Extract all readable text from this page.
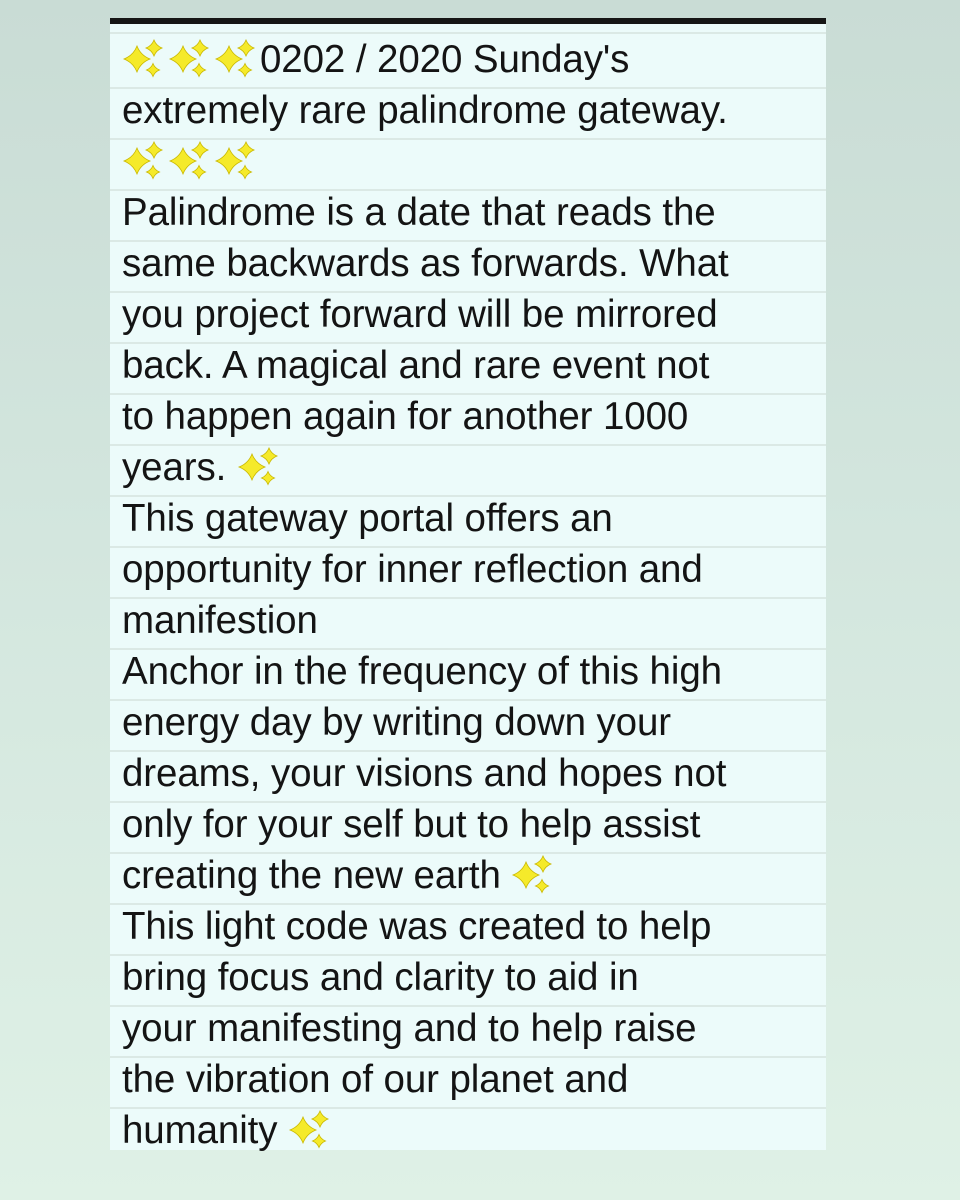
0202 / 2020 Sunday's
extremely rare palindrome gateway.
Palindrome is a date that reads the
same backwards as forwards. What
you project forward will be mirrored
back. A magical and rare event not
to happen again for another 1000
years.
This gateway portal offers an
opportunity for inner reflection and
manifestion
Anchor in the frequency of this high
energy day by writing down your
dreams, your visions and hopes not
only for your self but to help assist
creating the new earth
This light code was created to help
bring focus and clarity to aid in
your manifesting and to help raise
the vibration of our planet and
humanity
